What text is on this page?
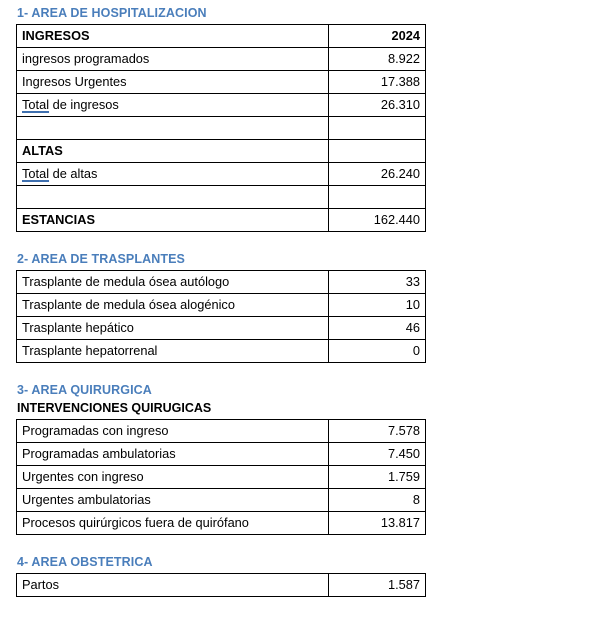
1- AREA DE HOSPITALIZACION
INGRESOS	2024
ingresos programados	8.922
Ingresos Urgentes	17.388
Total de ingresos	26.310

ALTAS	
Total de altas	26.240

ESTANCIAS	162.440
2- AREA DE TRASPLANTES
Trasplante de medula ósea autólogo	33
Trasplante de medula ósea alogénico	10
Trasplante hepático	46
Trasplante hepatorrenal	0
3- AREA QUIRURGICA
INTERVENCIONES QUIRUGICAS
Programadas con ingreso	7.578
Programadas ambulatorias	7.450
Urgentes con ingreso	1.759
Urgentes ambulatorias	8
Procesos quirúrgicos fuera de quirófano	13.817
4- AREA OBSTETRICA
Partos	1.587
